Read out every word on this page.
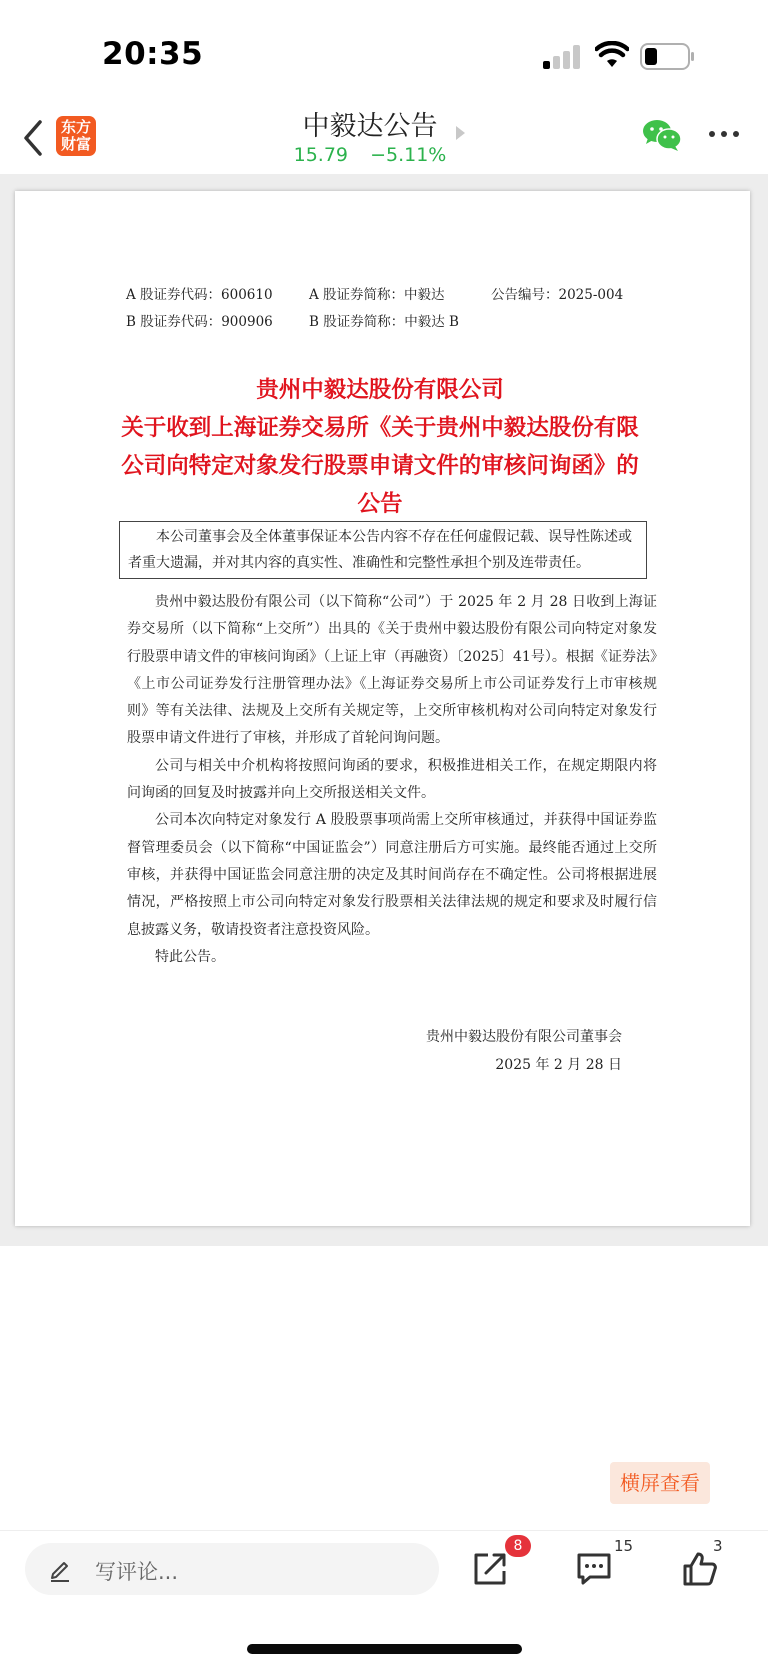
20:35
东方
财富
中毅达公告
15.79 −5.11%
A 股证券代码：600610	A 股证券简称：中毅达	公告编号：2025-004
B 股证券代码：900906	B 股证券简称：中毅达 B
贵州中毅达股份有限公司
关于收到上海证券交易所《关于贵州中毅达股份有限
公司向特定对象发行股票申请文件的审核问询函》的
公告
本公司董事会及全体董事保证本公告内容不存在任何虚假记载、误导性陈述或者重大遗漏，并对其内容的真实性、准确性和完整性承担个别及连带责任。

贵州中毅达股份有限公司（以下简称“公司”）于 2025 年 2 月 28 日收到上海证券交易所（以下简称“上交所”）出具的《关于贵州中毅达股份有限公司向特定对象发行股票申请文件的审核问询函》（上证上审（再融资）〔2025〕41号）。根据《证券法》《上市公司证券发行注册管理办法》《上海证券交易所上市公司证券发行上市审核规则》等有关法律、法规及上交所有关规定等，上交所审核机构对公司向特定对象发行股票申请文件进行了审核，并形成了首轮问询问题。

公司与相关中介机构将按照问询函的要求，积极推进相关工作，在规定期限内将问询函的回复及时披露并向上交所报送相关文件。

公司本次向特定对象发行 A 股股票事项尚需上交所审核通过，并获得中国证券监督管理委员会（以下简称“中国证监会”）同意注册后方可实施。最终能否通过上交所审核，并获得中国证监会同意注册的决定及其时间尚存在不确定性。公司将根据进展情况，严格按照上市公司向特定对象发行股票相关法律法规的规定和要求及时履行信息披露义务，敬请投资者注意投资风险。

特此公告。

贵州中毅达股份有限公司董事会
2025 年 2 月 28 日
横屏查看
写评论...
8	15	3
